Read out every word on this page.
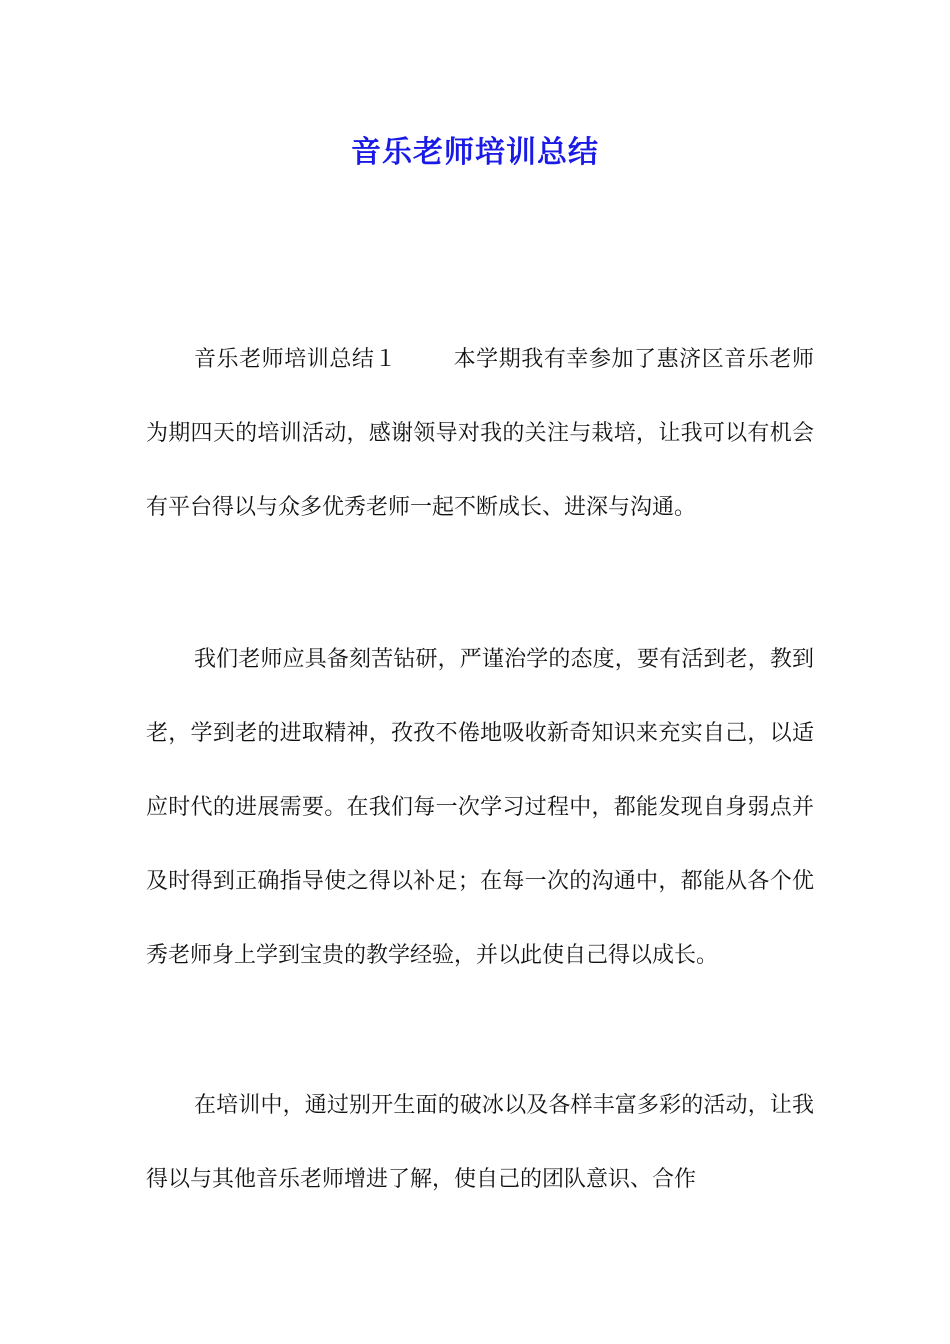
音乐老师培训总结

音乐老师培训总结１	本学期我有幸参加了惠济区音乐老师为期四天的培训活动，感谢领导对我的关注与栽培，让我可以有机会有平台得以与众多优秀老师一起不断成长、进深与沟通。

我们老师应具备刻苦钻研，严谨治学的态度，要有活到老，教到老，学到老的进取精神，孜孜不倦地吸收新奇知识来充实自己，以适应时代的进展需要。在我们每一次学习过程中，都能发现自身弱点并及时得到正确指导使之得以补足；在每一次的沟通中，都能从各个优秀老师身上学到宝贵的教学经验，并以此使自己得以成长。

在培训中，通过别开生面的破冰以及各样丰富多彩的活动，让我得以与其他音乐老师增进了解，使自己的团队意识、合作
